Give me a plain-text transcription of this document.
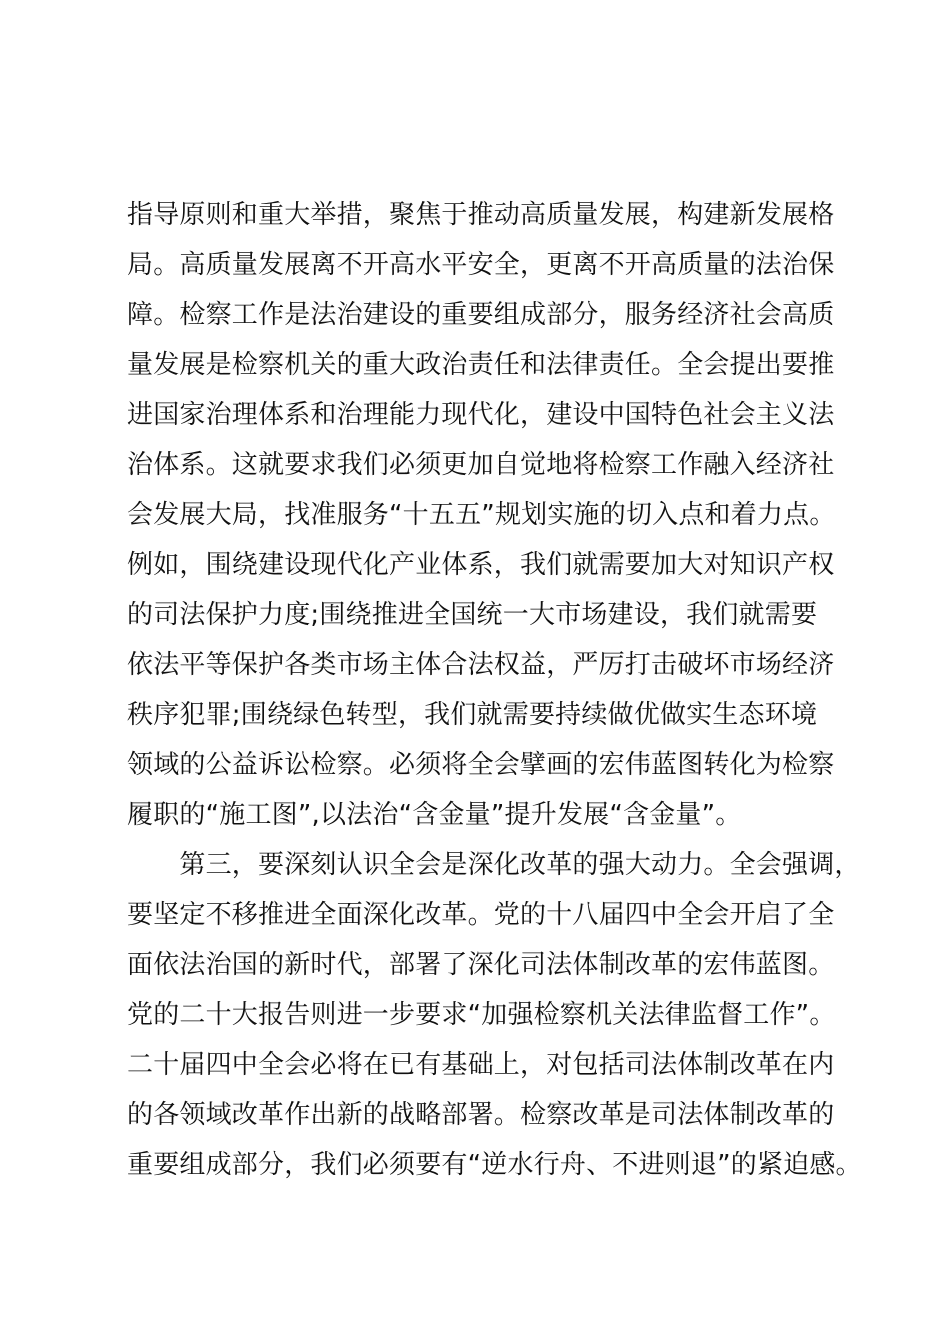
指导原则和重大举措，聚焦于推动高质量发展，构建新发展格
局。高质量发展离不开高水平安全，更离不开高质量的法治保
障。检察工作是法治建设的重要组成部分，服务经济社会高质
量发展是检察机关的重大政治责任和法律责任。全会提出要推
进国家治理体系和治理能力现代化，建设中国特色社会主义法
治体系。这就要求我们必须更加自觉地将检察工作融入经济社
会发展大局，找准服务“十五五”规划实施的切入点和着力点。
例如，围绕建设现代化产业体系，我们就需要加大对知识产权
的司法保护力度;围绕推进全国统一大市场建设，我们就需要
依法平等保护各类市场主体合法权益，严厉打击破坏市场经济
秩序犯罪;围绕绿色转型，我们就需要持续做优做实生态环境
领域的公益诉讼检察。必须将全会擘画的宏伟蓝图转化为检察
履职的“施工图”,以法治“含金量”提升发展“含金量”。
　　第三，要深刻认识全会是深化改革的强大动力。全会强调，
要坚定不移推进全面深化改革。党的十八届四中全会开启了全
面依法治国的新时代，部署了深化司法体制改革的宏伟蓝图。
党的二十大报告则进一步要求“加强检察机关法律监督工作”。
二十届四中全会必将在已有基础上，对包括司法体制改革在内
的各领域改革作出新的战略部署。检察改革是司法体制改革的
重要组成部分，我们必须要有“逆水行舟、不进则退”的紧迫感。
